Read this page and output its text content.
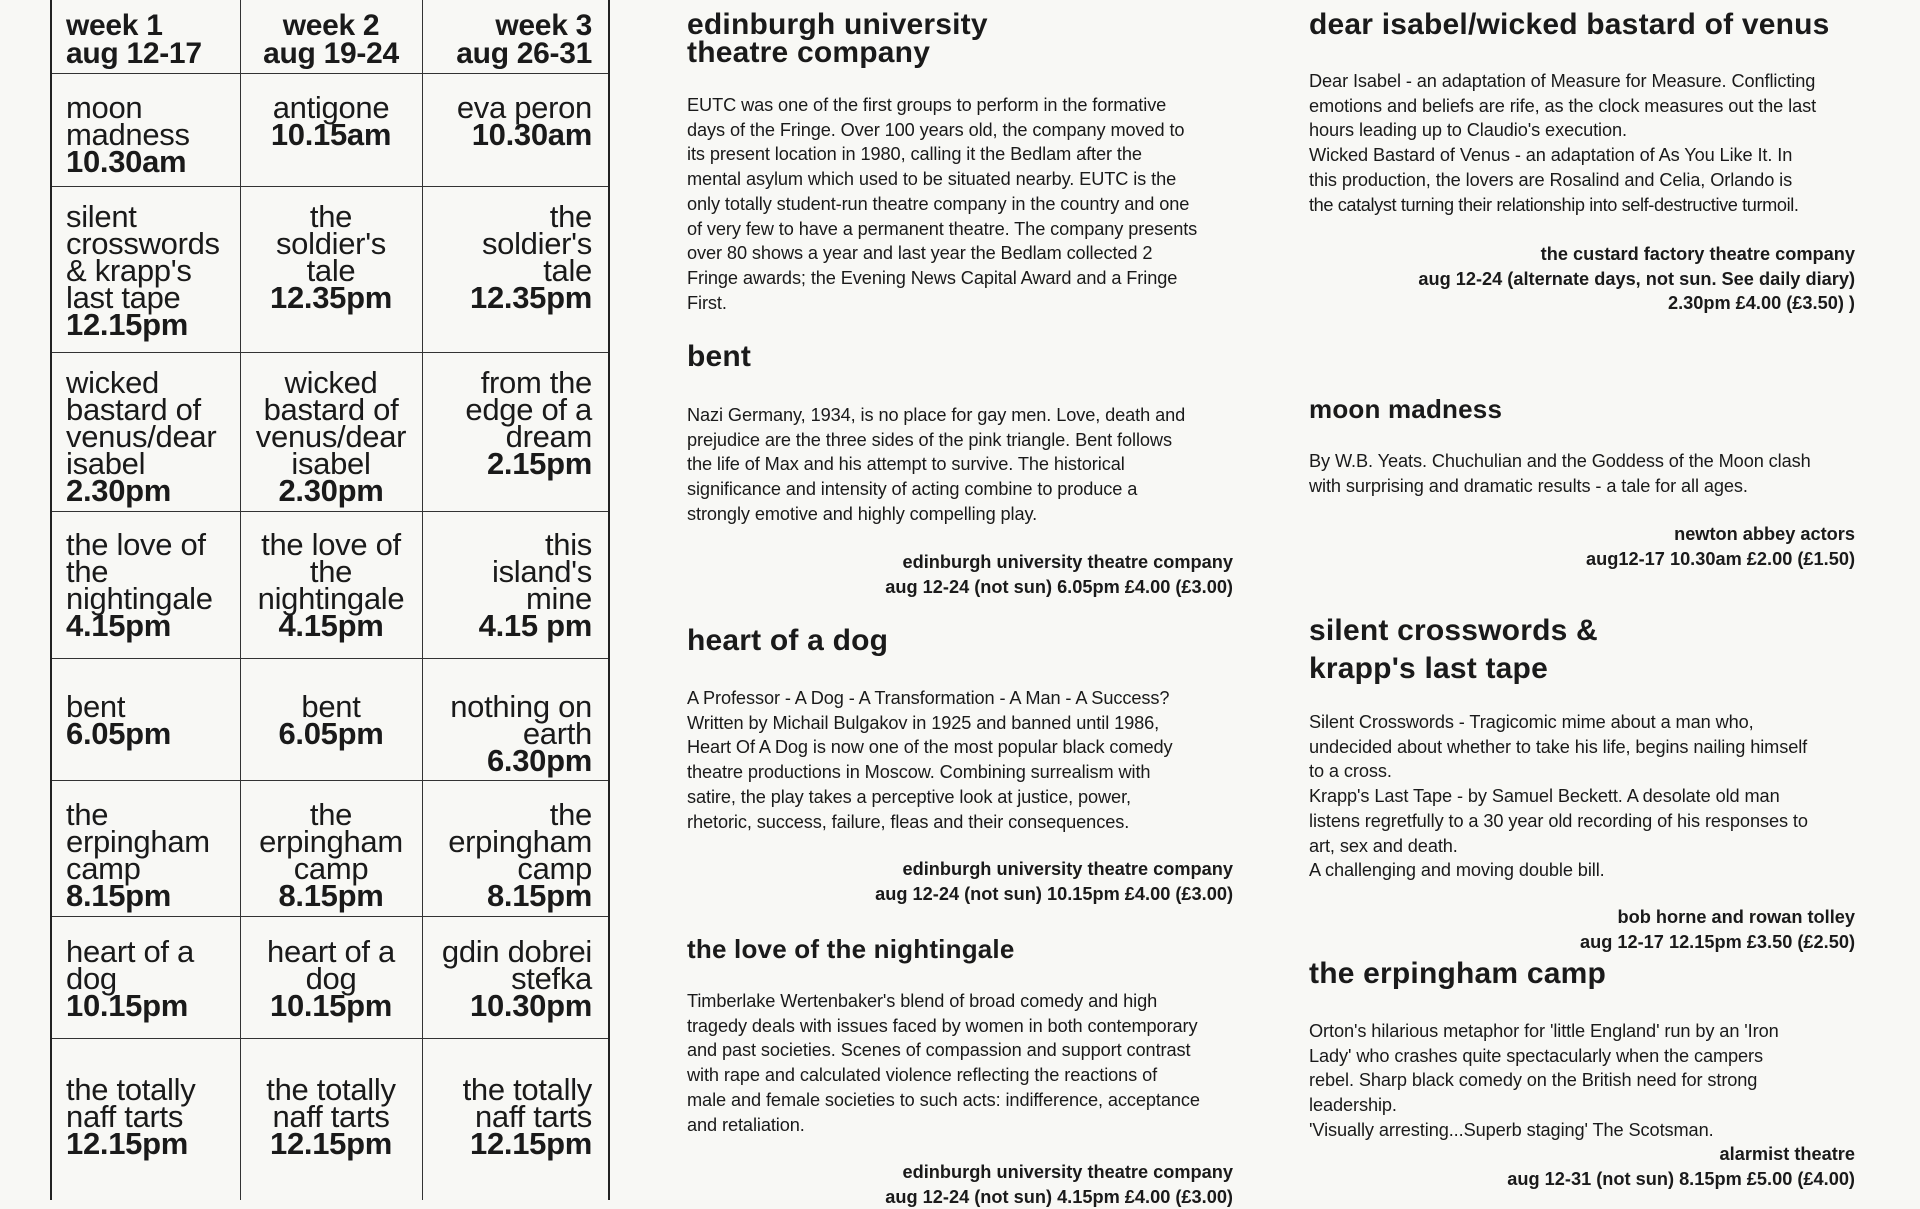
week 1
aug 12-17
week 2
aug 19-24
week 3
aug 26-31
moon
madness
10.30am
antigone
10.15am
eva peron
10.30am
silent
crosswords
& krapp's
last tape
12.15pm
the
soldier's
tale
12.35pm
the
soldier's
tale
12.35pm
wicked
bastard of
venus/dear
isabel
2.30pm
wicked
bastard of
venus/dear
isabel
2.30pm
from the
edge of a
dream
2.15pm
the love of
the
nightingale
4.15pm
the love of
the
nightingale
4.15pm
this
island's
mine
4.15 pm
bent
6.05pm
bent
6.05pm
nothing on
earth
6.30pm
the
erpingham
camp
8.15pm
the
erpingham
camp
8.15pm
the
erpingham
camp
8.15pm
heart of a
dog
10.15pm
heart of a
dog
10.15pm
gdin dobrei
stefka
10.30pm
the totally
naff tarts
12.15pm
the totally
naff tarts
12.15pm
the totally
naff tarts
12.15pm
edinburgh university
theatre company
EUTC was one of the first groups to perform in the formative
days of the Fringe. Over 100 years old, the company moved to
its present location in 1980, calling it the Bedlam after the
mental asylum which used to be situated nearby. EUTC is the
only totally student-run theatre company in the country and one
of very few to have a permanent theatre. The company presents
over 80 shows a year and last year the Bedlam collected 2
Fringe awards; the Evening News Capital Award and a Fringe
First.
bent
Nazi Germany, 1934, is no place for gay men. Love, death and
prejudice are the three sides of the pink triangle. Bent follows
the life of Max and his attempt to survive. The historical
significance and intensity of acting combine to produce a
strongly emotive and highly compelling play.
edinburgh university theatre company
aug 12-24 (not sun) 6.05pm £4.00 (£3.00)
heart of a dog
A Professor - A Dog - A Transformation - A Man - A Success?
Written by Michail Bulgakov in 1925 and banned until 1986,
Heart Of A Dog is now one of the most popular black comedy
theatre productions in Moscow. Combining surrealism with
satire, the play takes a perceptive look at justice, power,
rhetoric, success, failure, fleas and their consequences.
edinburgh university theatre company
aug 12-24 (not sun) 10.15pm £4.00 (£3.00)
the love of the nightingale
Timberlake Wertenbaker's blend of broad comedy and high
tragedy deals with issues faced by women in both contemporary
and past societies. Scenes of compassion and support contrast
with rape and calculated violence reflecting the reactions of
male and female societies to such acts: indifference, acceptance
and retaliation.
edinburgh university theatre company
aug 12-24 (not sun) 4.15pm £4.00 (£3.00)
dear isabel/wicked bastard of venus
Dear Isabel - an adaptation of Measure for Measure. Conflicting
emotions and beliefs are rife, as the clock measures out the last
hours leading up to Claudio's execution.
Wicked Bastard of Venus - an adaptation of As You Like It. In
this production, the lovers are Rosalind and Celia, Orlando is
the catalyst turning their relationship into self-destructive turmoil.
the custard factory theatre company
aug 12-24 (alternate days, not sun. See daily diary)
2.30pm £4.00 (£3.50) )
moon madness
By W.B. Yeats. Chuchulian and the Goddess of the Moon clash
with surprising and dramatic results - a tale for all ages.
newton abbey actors
aug12-17 10.30am £2.00 (£1.50)
silent crosswords &
krapp's last tape
Silent Crosswords - Tragicomic mime about a man who,
undecided about whether to take his life, begins nailing himself
to a cross.
Krapp's Last Tape - by Samuel Beckett. A desolate old man
listens regretfully to a 30 year old recording of his responses to
art, sex and death.
A challenging and moving double bill.
bob horne and rowan tolley
aug 12-17 12.15pm £3.50 (£2.50)
the erpingham camp
Orton's hilarious metaphor for 'little England' run by an 'Iron
Lady' who crashes quite spectacularly when the campers
rebel. Sharp black comedy on the British need for strong
leadership.
'Visually arresting...Superb staging' The Scotsman.
alarmist theatre
aug 12-31 (not sun) 8.15pm £5.00 (£4.00)
